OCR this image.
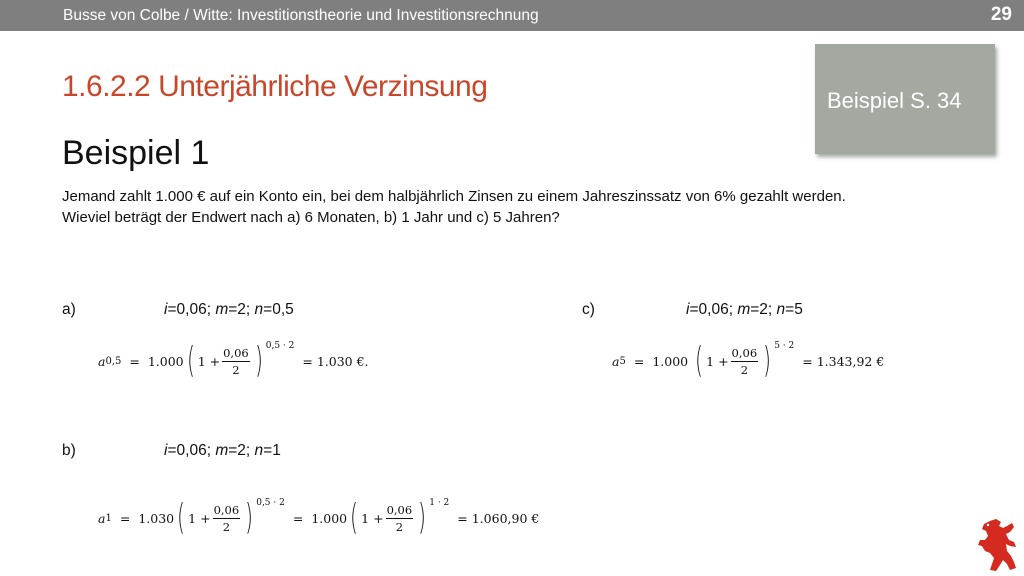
Busse von Colbe / Witte: Investitionstheorie und Investitionsrechnung	29
1.6.2.2 Unterjährliche Verzinsung	Beispiel S. 34
Beispiel 1

Jemand zahlt 1.000 € auf ein Konto ein, bei dem halbjährlich Zinsen zu einem Jahreszinssatz von 6% gezahlt werden.

Wieviel beträgt der Endwert nach a) 6 Monaten, b) 1 Jahr und c) 5 Jahren?

a)	i=0,06; m=2; n=0,5
a 0,5 = 1.000 ( $1 + \frac{0,06}{2}$ ) 0,5 · 2
= 1.030 €.
c)	i=0,06; m=2; n=5
a 5 = 1.000
( $1 + \frac{0,06}{2}$ ) 5 · 2
= 1.343,92 €
b)	i=0,06; m=2; n=1
a 1 = 1.030 ( $1 + \frac{0,06}{2}$ ) 0,5 · 2
= 1.000 ( $1 + \frac{0,06}{2}$ ) 1 · 2
= 1.060,90 €
